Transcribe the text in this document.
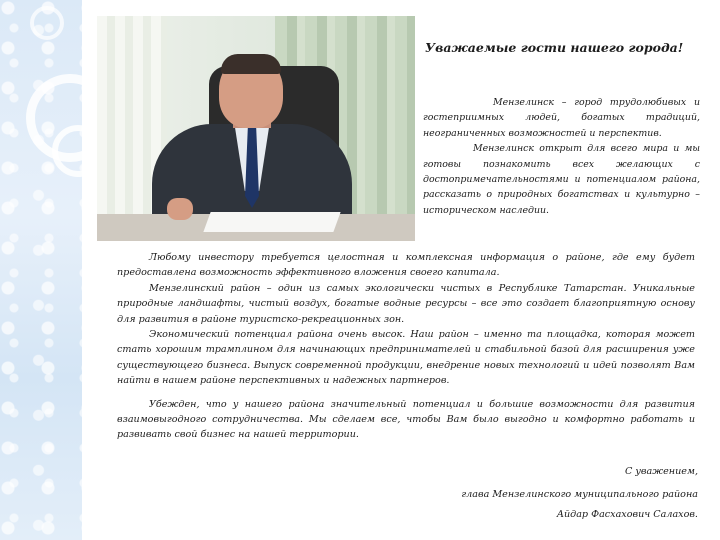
Уважаемые гости нашего города!

Мензелинск – город трудолюбивых и гостеприимных людей, богатых традиций, неограниченных возможностей и перспектив.

Мензелинск открыт для всего мира и мы готовы познакомить всех желающих с достопримечательностями и потенциалом района, рассказать о природных богатствах и культурно – историческом наследии.

Любому инвестору требуется целостная и комплексная информация о районе, где ему будет предоставлена возможность эффективного вложения своего капитала.

Мензелинский район – один из самых экологически чистых в Республике Татарстан. Уникальные природные ландшафты, чистый воздух, богатые водные ресурсы – все это создает благоприятную основу для развития в районе туристско-рекреационных зон.

Экономический потенциал района очень высок. Наш район – именно та площадка, которая может стать хорошим трамплином для начинающих предпринимателей и стабильной базой для расширения уже существующего бизнеса. Выпуск современной продукции, внедрение новых технологий и идей позволят Вам найти в нашем районе перспективных и надежных партнеров.

Убежден, что у нашего района значительный потенциал и большие возможности для развития взаимовыгодного сотрудничества. Мы сделаем все, чтобы Вам было выгодно и комфортно работать и развивать свой бизнес на нашей территории.

С уважением,
глава Мензелинского муниципального района
Айдар Фасхахович Салахов.
